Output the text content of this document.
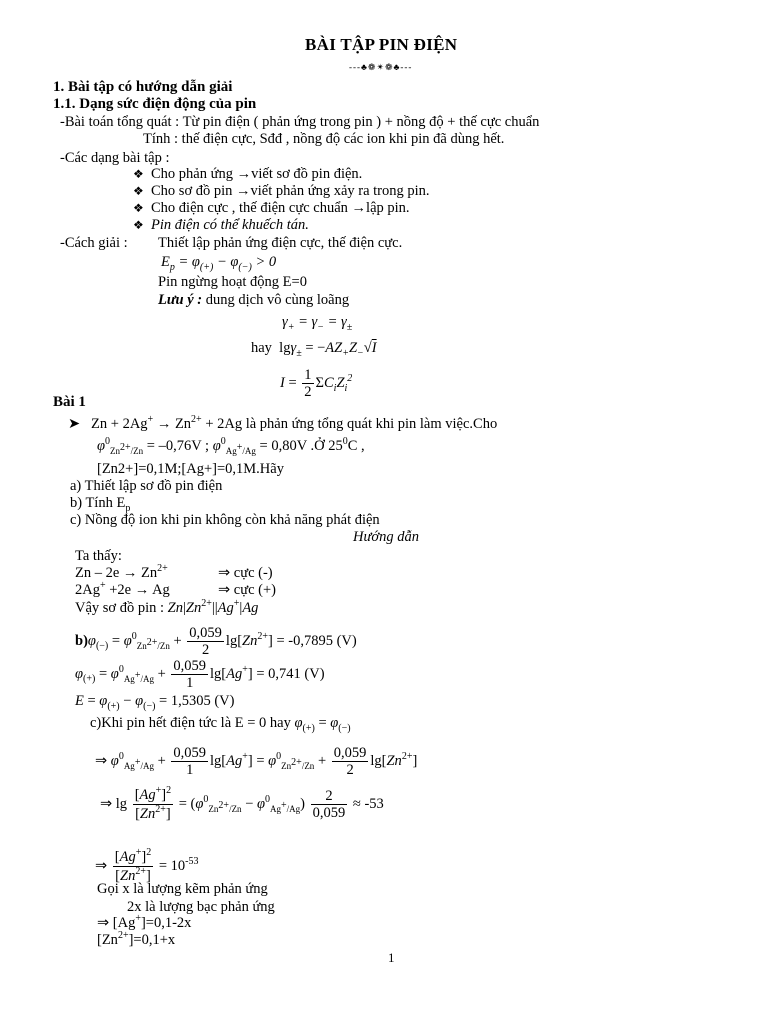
BÀI TẬP PIN ĐIỆN
---♣❁✴❁♣---
1. Bài tập có hướng dẫn giải
1.1. Dạng sức điện động của pin
-Bài toán tổng quát : Từ pin điện ( phản ứng trong pin ) + nồng độ + thế cực chuẩn
Tính : thế điện cực, Sđđ , nồng độ các ion khi pin đã dùng hết.
-Các dạng bài tập :
❖ Cho phản ứng →viết sơ đồ pin điện.
❖ Cho sơ đồ pin →viết phản ứng xảy ra trong pin.
❖ Cho điện cực , thế điện cực chuẩn →lập pin.
❖ Pin điện có thể khuếch tán.
-Cách giải : Thiết lập phản ứng điện cực, thế điện cực.
$E_p = \varphi_{(+)} - \varphi_{(-)} > 0$
Pin ngừng hoạt động E=0
Lưu ý : dung dịch vô cùng loãng
$\gamma_+ = \gamma_- = \gamma_\pm$
hay  $\lg\gamma_\pm = -AZ_+Z_-√I$
$I = \frac{1}{2} \Sigma C_iZ_i^2$
Bài 1
➤   $Zn + 2Ag^+ \to Zn^{2+} + 2Ag$ là phản ứng tổng quát khi pin làm việc.Cho
$\varphi^0_{Zn^{2+}/Zn} = -0,76V$ ; $\varphi^0_{Ag^+/Ag} = 0,80V$ .Ở $25^0C$ ,
[Zn2+]=0,1M;[Ag+]=0,1M.Hãy
a) Thiết lập sơ đồ pin điện
b) Tính $E_p$
c) Nồng độ ion khi pin không còn khả năng phát điện
Hướng dẫn
Ta thấy:
$Zn - 2e \to Zn^{2+}$	⇒ cực (-)
2Ag+ +2e → Ag	⇒ cực (+)
Vậy sơ đồ pin : $Zn|Zn^{2+}||Ag^+|Ag$
$b)\varphi_{(-)} = \varphi^0_{Zn^{2+}/Zn} + \frac{0,059}{2} \lg[Zn^{2+}] = -0,7895$ (V)
$\varphi_{(+)} = \varphi^0_{Ag^+/Ag} + \frac{0,059}{1} \lg[Ag^+] = 0,741$ (V)
$E = \varphi_{(+)} - \varphi_{(-)} = 1,5305$ (V)
c)Khi pin hết điện tức là E = 0 hay $\varphi_{(+)} = \varphi_{(-)}$
⇒ $\varphi^0_{Ag^+/Ag} + \frac{0,059}{1} \lg[Ag^+] = \varphi^0_{Zn^{2+}/Zn} + \frac{0,059}{2} \lg[Zn^{2+}]$
⇒ $\lg \frac{[Ag^+]^2}{[Zn^{2+}]} = (\varphi^0_{Zn^{2+}/Zn} - \varphi^0_{Ag^+/Ag}) \frac{2}{0,059} \approx -53$
⇒ $\frac{[Ag^+]^2}{[Zn^{2+}]} = 10^{-53}$
Gọi x là lượng kẽm phản ứng
2x là lượng bạc phản ứng
⇒ [Ag+]=0,1-2x
$[Zn^{2+}]=0,1+x$
1
